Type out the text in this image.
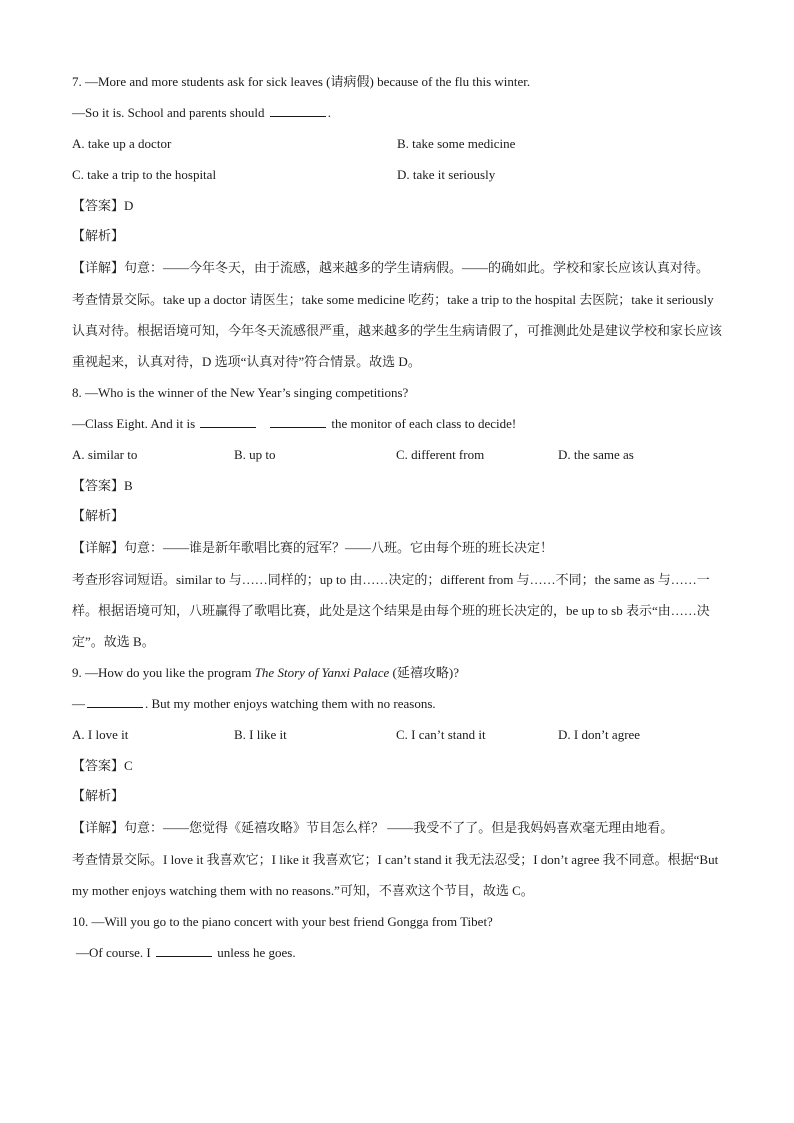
7. —More and more students ask for sick leaves (请病假) because of the flu this winter.
—So it is. School and parents should	.
A. take up a doctor	B. take some medicine
C. take a trip to the hospital	D. take it seriously
【答案】D
【解析】
【详解】句意：——今年冬天，由于流感，越来越多的学生请病假。——的确如此。学校和家长应该认真对待。
考查情景交际。take up a doctor 请医生；take some medicine 吃药；take a trip to the hospital 去医院；take it seriously 认真对待。根据语境可知，今年冬天流感很严重，越来越多的学生生病请假了，可推测此处是建议学校和家长应该重视起来，认真对待，D 选项“认真对待”符合情景。故选 D。
8. —Who is the winner of the New Year’s singing competitions?
—Class Eight. And it is	the monitor of each class to decide!
A. similar to	B. up to	C. different from	D. the same as
【答案】B
【解析】
【详解】句意：——谁是新年歌唱比赛的冠军？——八班。它由每个班的班长决定！
考查形容词短语。similar to 与……同样的；up to 由……决定的；different from 与……不同；the same as 与……一样。根据语境可知，八班赢得了歌唱比赛，此处是这个结果是由每个班的班长决定的，be up to sb 表示“由……决定”。故选 B。
9. —How do you like the program The Story of Yanxi Palace (延禧攻略)?
—	. But my mother enjoys watching them with no reasons.
A. I love it	B. I like it	C. I can’t stand it	D. I don’t agree
【答案】C
【解析】
【详解】句意：——您觉得《延禧攻略》节目怎么样？ ——我受不了了。但是我妈妈喜欢毫无理由地看。
考查情景交际。I love it 我喜欢它；I like it 我喜欢它；I can’t stand it 我无法忍受；I don’t agree 我不同意。根据“But my mother enjoys watching them with no reasons.”可知，不喜欢这个节目，故选 C。
10. —Will you go to the piano concert with your best friend Gongga from Tibet?
—Of course. I	unless he goes.
